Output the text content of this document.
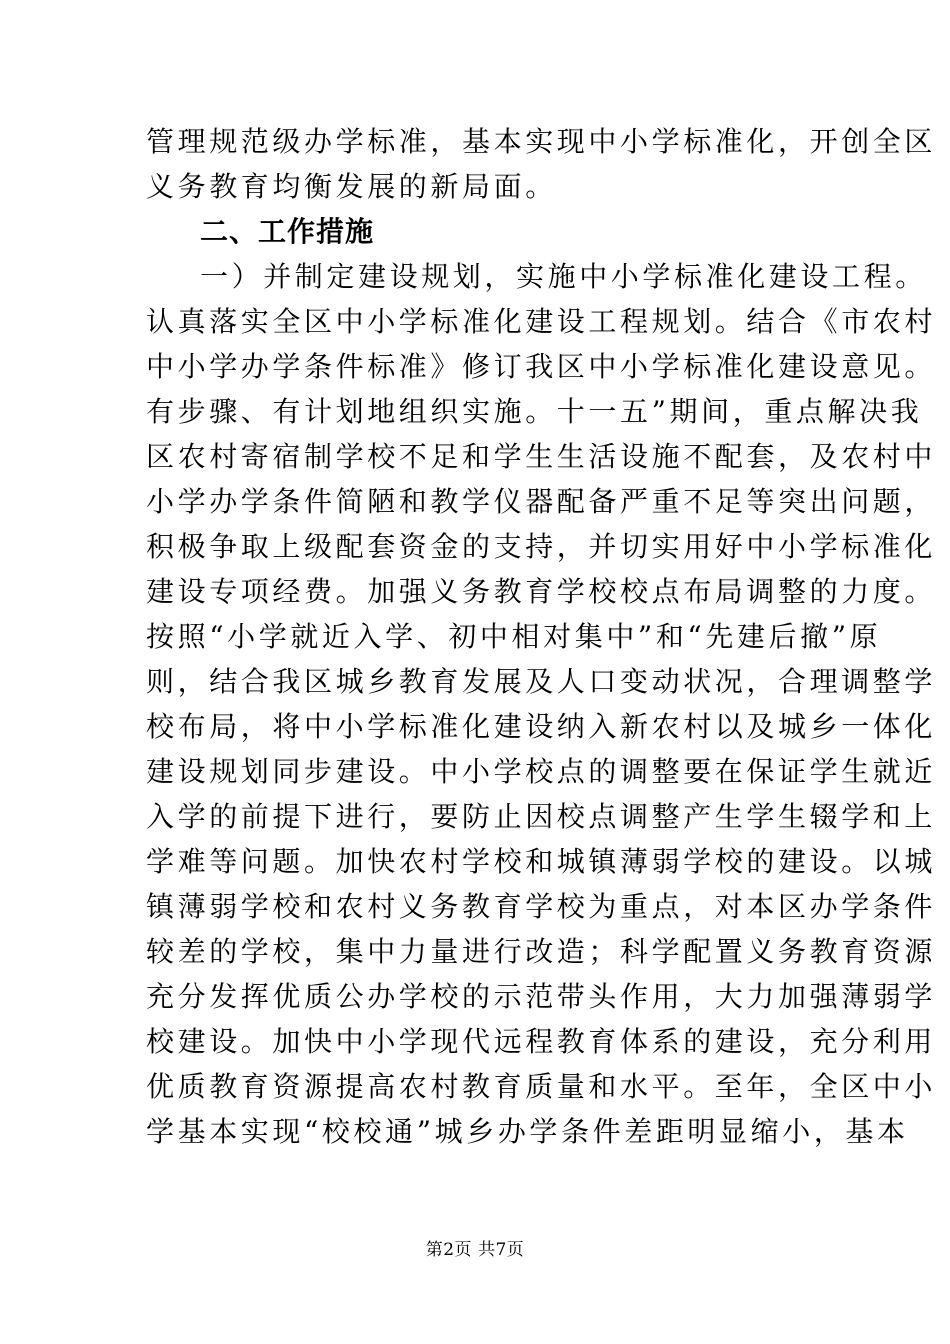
管理规范级办学标准，基本实现中小学标准化，开创全区
义务教育均衡发展的新局面。
二、工作措施
一）并制定建设规划，实施中小学标准化建设工程。
认真落实全区中小学标准化建设工程规划。结合《市农村
中小学办学条件标准》修订我区中小学标准化建设意见。
有步骤、有计划地组织实施。十一五”期间，重点解决我
区农村寄宿制学校不足和学生生活设施不配套，及农村中
小学办学条件简陋和教学仪器配备严重不足等突出问题，
积极争取上级配套资金的支持，并切实用好中小学标准化
建设专项经费。加强义务教育学校校点布局调整的力度。
按照“小学就近入学、初中相对集中”和“先建后撤”原
则，结合我区城乡教育发展及人口变动状况，合理调整学
校布局，将中小学标准化建设纳入新农村以及城乡一体化
建设规划同步建设。中小学校点的调整要在保证学生就近
入学的前提下进行，要防止因校点调整产生学生辍学和上
学难等问题。加快农村学校和城镇薄弱学校的建设。以城
镇薄弱学校和农村义务教育学校为重点，对本区办学条件
较差的学校，集中力量进行改造；科学配置义务教育资源
充分发挥优质公办学校的示范带头作用，大力加强薄弱学
校建设。加快中小学现代远程教育体系的建设，充分利用
优质教育资源提高农村教育质量和水平。至年，全区中小
学基本实现“校校通”城乡办学条件差距明显缩小，基本
第2页 共7页
